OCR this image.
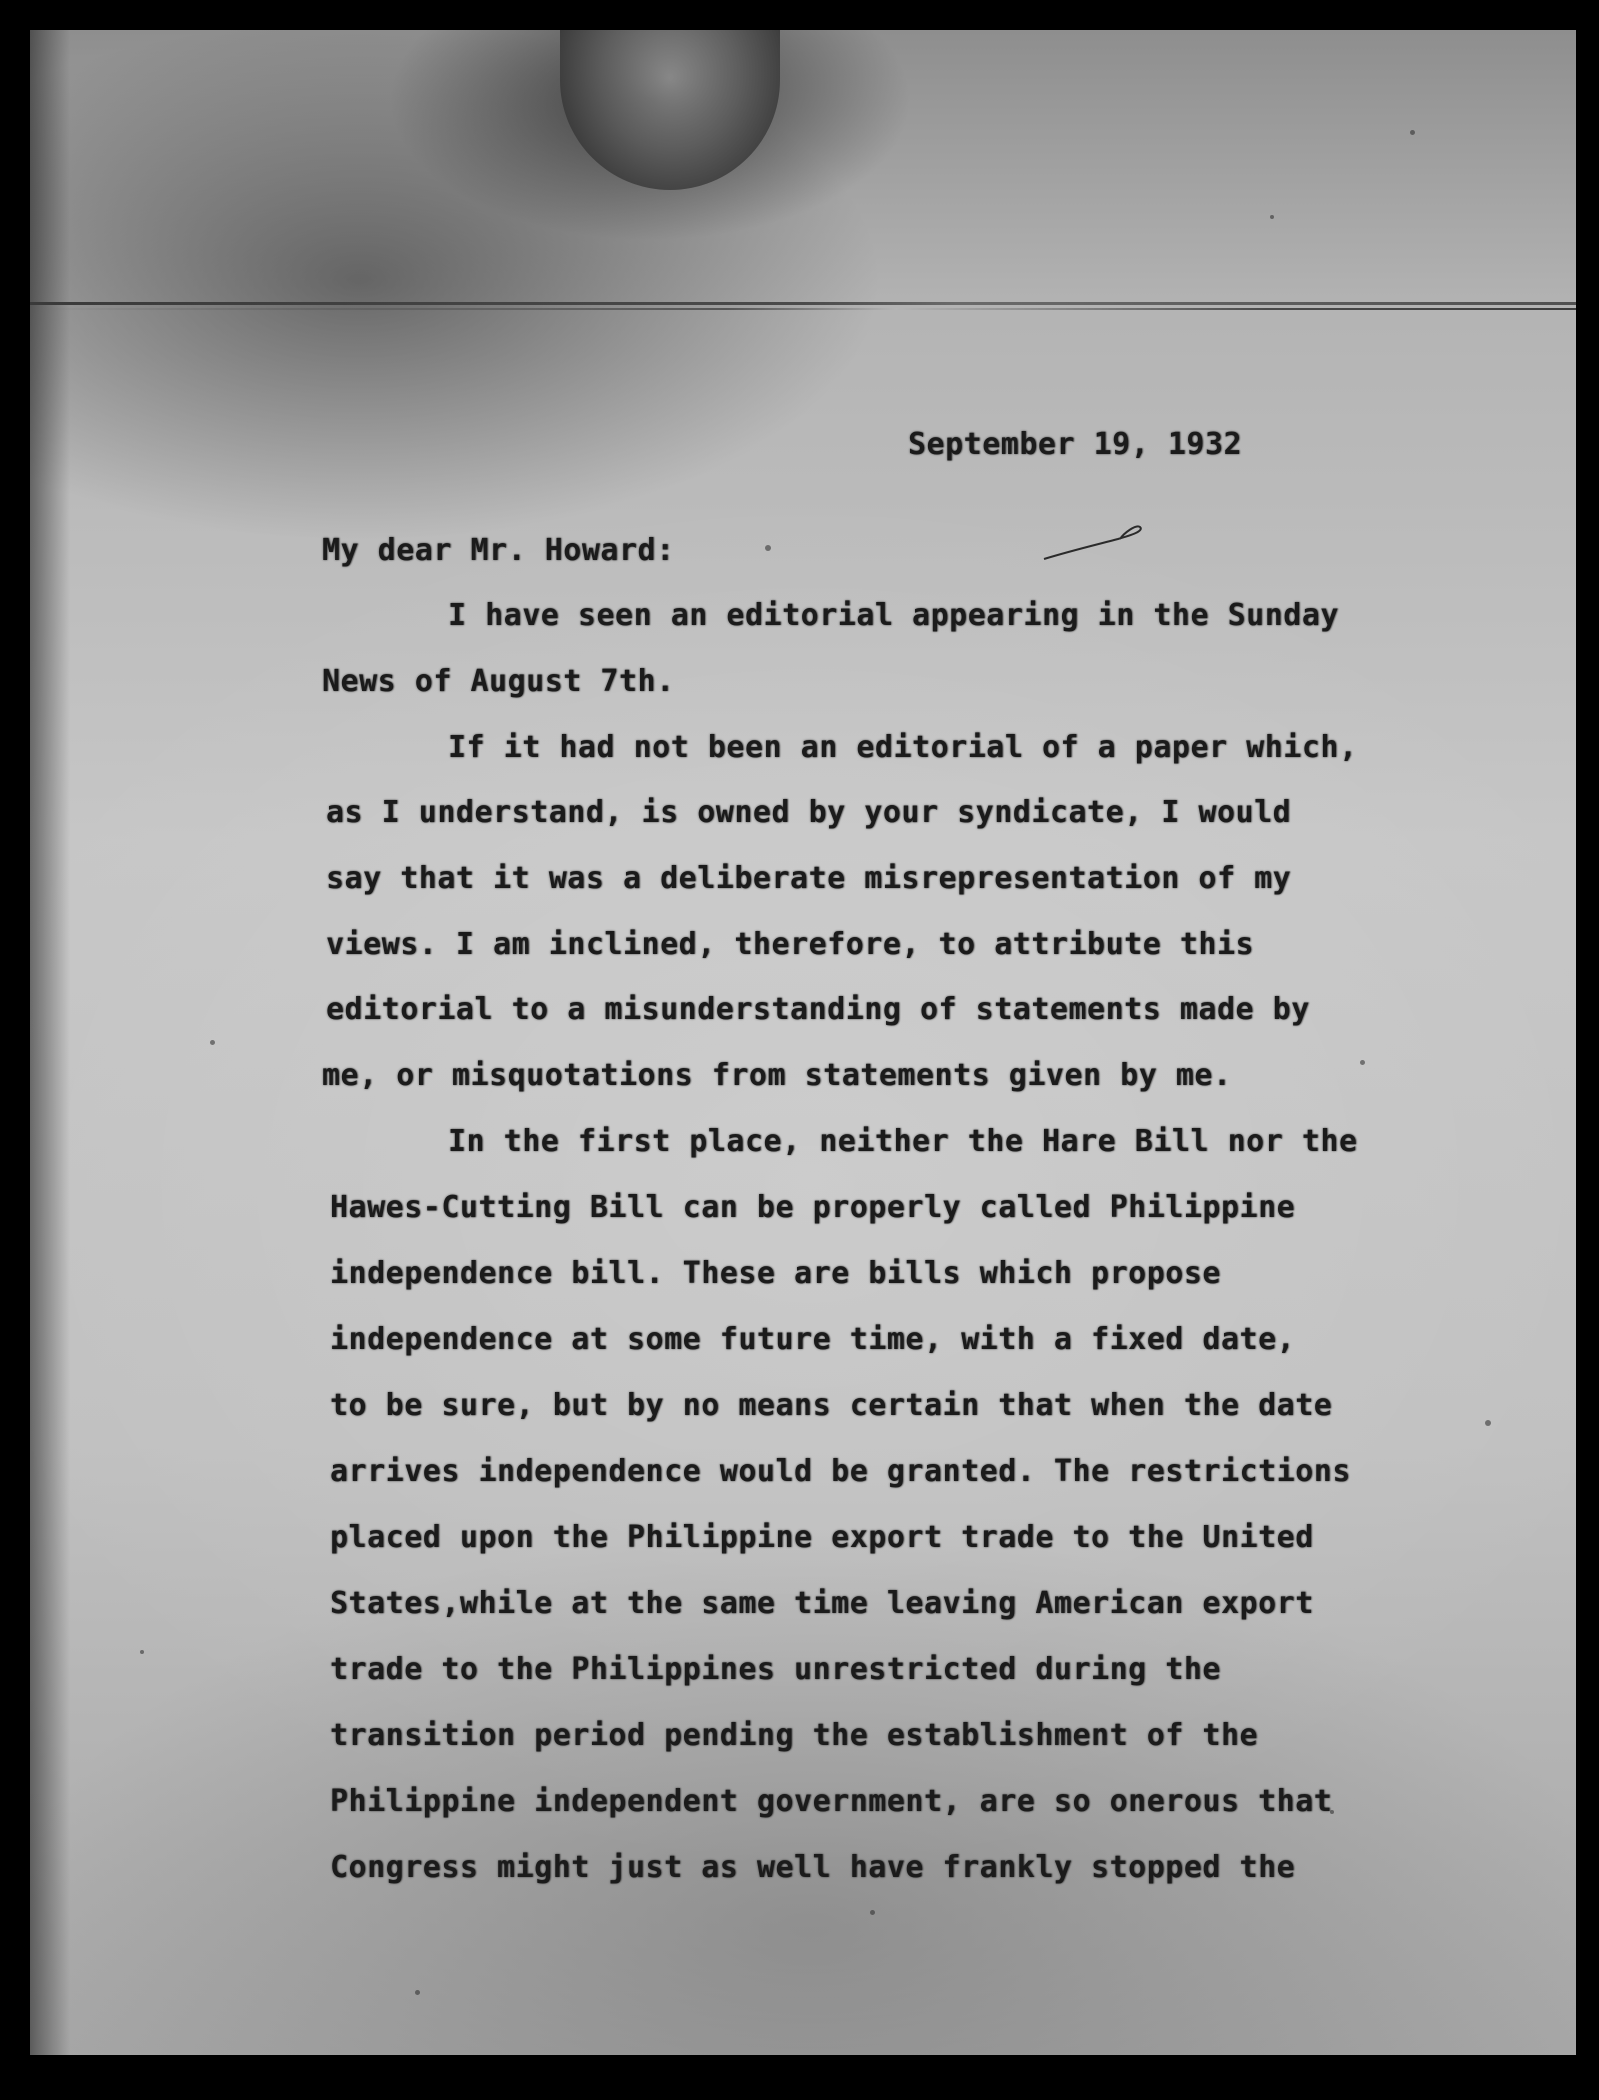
September 19, 1932
My dear Mr. Howard:
I have seen an editorial appearing in the Sunday
News of August 7th.
If it had not been an editorial of a paper which,
as I understand, is owned by your syndicate, I would
say that it was a deliberate misrepresentation of my
views. I am inclined, therefore, to attribute this
editorial to a misunderstanding of statements made by
me, or misquotations from statements given by me.
In the first place, neither the Hare Bill nor the
Hawes-Cutting Bill can be properly called Philippine
independence bill. These are bills which propose
independence at some future time, with a fixed date,
to be sure, but by no means certain that when the date
arrives independence would be granted. The restrictions
placed upon the Philippine export trade to the United
States,while at the same time leaving American export
trade to the Philippines unrestricted during the
transition period pending the establishment of the
Philippine independent government, are so onerous that
Congress might just as well have frankly stopped the
